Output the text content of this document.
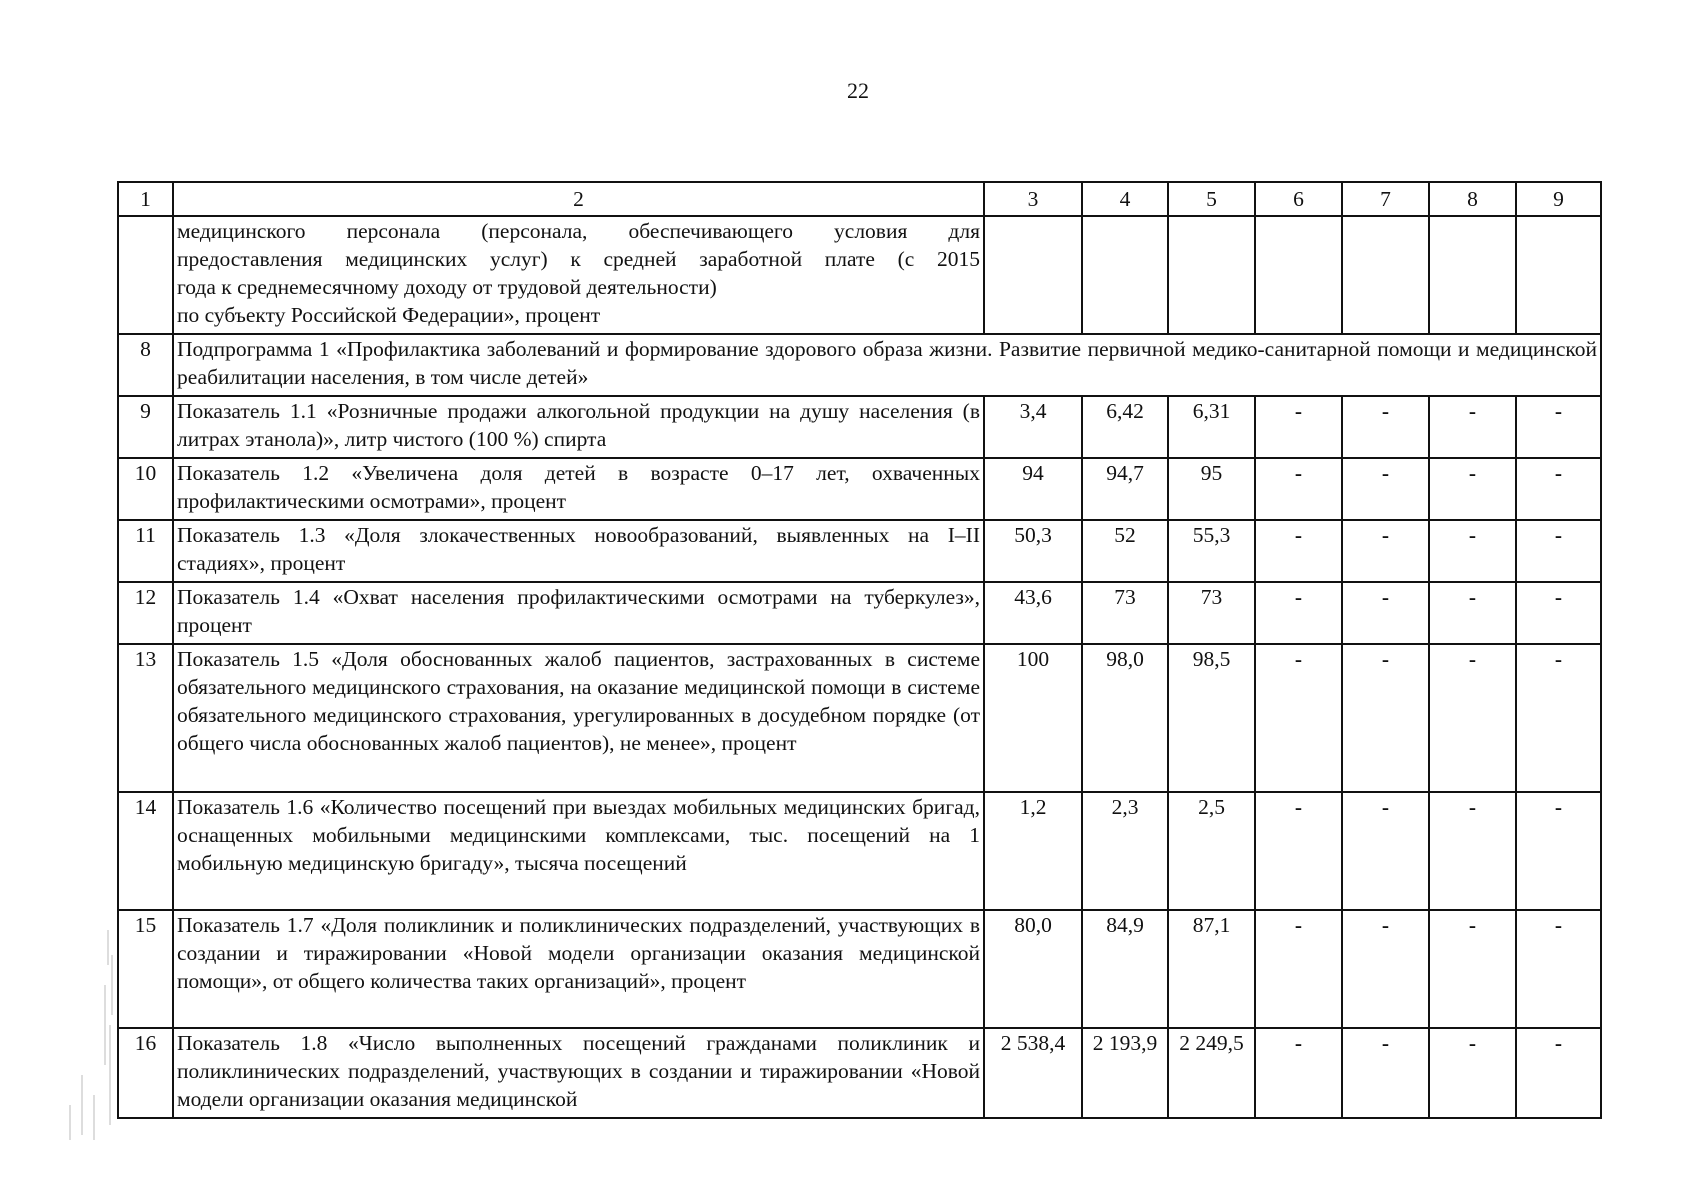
22
1	2	3	4	5	6	7	8	9

	медицинского персонала (персонала, обеспечивающего условия для
предоставления медицинских услуг) к средней заработной плате (с 2015
года к среднемесячному доходу от трудовой деятельности)
по субъекту Российской Федерации», процент							

8	Подпрограмма 1 «Профилактика заболеваний и формирование здорового образа жизни. Развитие первичной медико-санитарной помощи и медицинской реабилитации населения, в том числе детей»							
9	Показатель 1.1 «Розничные продажи алкогольной продукции на душу населения (в литрах этанола)», литр чистого (100 %) спирта	3,4	6,42	6,31	-	-	-	-
10	Показатель 1.2 «Увеличена доля детей в возрасте 0–17 лет, охваченных профилактическими осмотрами», процент	94	94,7	95	-	-	-	-
11	Показатель 1.3 «Доля злокачественных новообразований, выявленных на I–II стадиях», процент	50,3	52	55,3	-	-	-	-
12	Показатель 1.4 «Охват населения профилактическими осмотрами на туберкулез», процент	43,6	73	73	-	-	-	-
13	Показатель 1.5 «Доля обоснованных жалоб пациентов, застрахованных в системе обязательного медицинского страхования, на оказание медицинской помощи в системе обязательного медицинского страхования, урегулированных в досудебном порядке (от общего числа обоснованных жалоб пациентов), не менее», процент	100	98,0	98,5	-	-	-	-
14	Показатель 1.6 «Количество посещений при выездах мобильных медицинских бригад, оснащенных мобильными медицинскими комплексами, тыс. посещений на 1 мобильную медицинскую бригаду», тысяча посещений	1,2	2,3	2,5	-	-	-	-
15	Показатель 1.7 «Доля поликлиник и поликлинических подразделений, участвующих в создании и тиражировании «Новой модели организации оказания медицинской помощи», от общего количества таких организаций», процент	80,0	84,9	87,1	-	-	-	-
16	Показатель 1.8 «Число выполненных посещений гражданами поликлиник и поликлинических подразделений, участвующих в создании и тиражировании «Новой модели организации оказания медицинской	2 538,4	2 193,9	2 249,5	-	-	-	-
